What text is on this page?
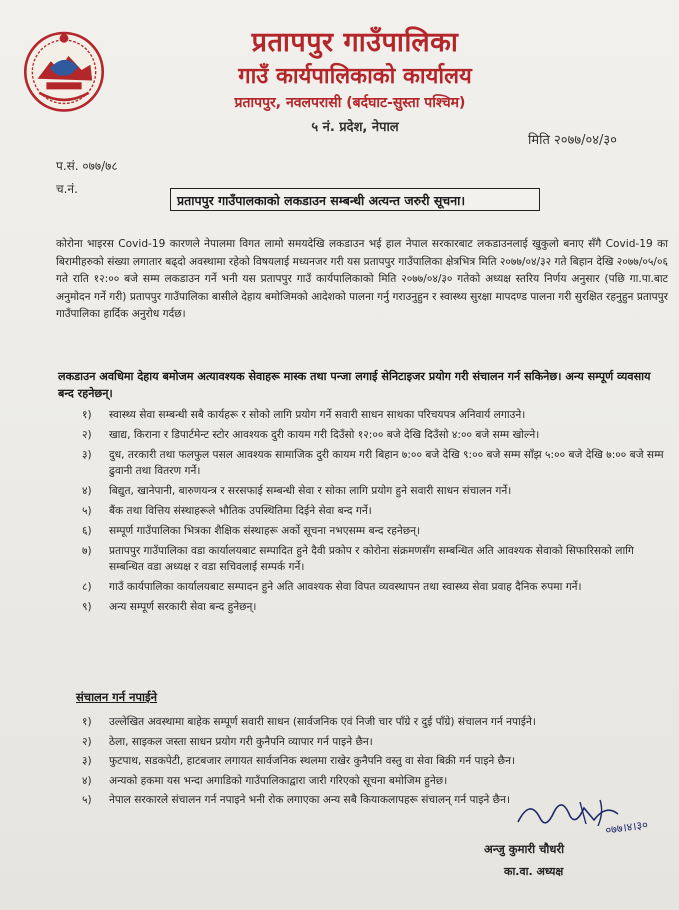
प्रतापपुर गाउँपालिका
गाउँ कार्यपालिकाको कार्यालय
प्रतापपुर, नवलपरासी (बर्दघाट-सुस्ता पश्चिम)
५ नं. प्रदेश, नेपाल
मिति २०७७/०४/३०
प.सं. ०७७/७८
च.नं.
प्रतापपुर गाउँपालकाको लकडाउन सम्बन्धी अत्यन्त जरुरी सूचना।

कोरोना भाइरस Covid-19 कारणले नेपालमा विगत लामो समयदेखि लकडाउन भई हाल नेपाल सरकारबाट लकडाउनलाई खुकुलो बनाए सँगै Covid-19 का बिरामीहरुको संख्या लगातार बढ्दो अवस्थामा रहेको विषयलाई मध्यनजर गरी यस प्रतापपुर गाउँपालिका क्षेत्रभित्र मिति २०७७/०४/३२ गते बिहान देखि २०७७/०५/०६ गते राति १२:०० बजे सम्म लकडाउन गर्ने भनी यस प्रतापपुर गाउँ कार्यपालिकाको मिति २०७७/०४/३० गतेको अध्यक्ष स्तरिय निर्णय अनुसार (पछि गा.पा.बाट अनुमोदन गर्ने गरी) प्रतापपुर गाउँपालिका बासीले देहाय बमोजिमको आदेशको पालना गर्नु गराउनुहुन र स्वास्थ्य सुरक्षा मापदण्ड पालना गरी सुरक्षित रहनुहुन प्रतापपुर गाउँपालिका हार्दिक अनुरोध गर्दछ।

लकडाउन अवधिमा देहाय बमोजम अत्यावश्यक सेवाहरू मास्क तथा पन्जा लगाई सेनिटाइजर प्रयोग गरी संचालन गर्न सकिनेछ। अन्य सम्पूर्ण व्यवसाय बन्द रहनेछन्।

१) स्वास्थ्य सेवा सम्बन्धी सबै कार्यहरू र सोको लागि प्रयोग गर्ने सवारी साधन साथका परिचयपत्र अनिवार्य लगाउने।
२) खाद्य, किराना र डिपार्टमेन्ट स्टोर आवश्यक दुरी कायम गरी दिउँसो १२:०० बजे देखि दिउँसो ४:०० बजे सम्म खोल्ने।
३) दुध, तरकारी तथा फलफुल पसल आवश्यक सामाजिक दुरी कायम गरी बिहान ७:०० बजे देखि ९:०० बजे सम्म साँझ ५:०० बजे देखि ७:०० बजे सम्म ढुवानी तथा वितरण गर्ने।
४) बिद्युत, खानेपानी, बारुणयन्त्र र सरसफाई सम्बन्धी सेवा र सोका लागि प्रयोग हुने सवारी साधन संचालन गर्ने।
५) बैंक तथा वित्तिय संस्थाहरूले भौतिक उपस्थितिमा दिईने सेवा बन्द गर्ने।
६) सम्पूर्ण गाउँपालिका भित्रका शैक्षिक संस्थाहरू अर्को सूचना नभएसम्म बन्द रहनेछन्।
७) प्रतापपुर गाउँपालिका वडा कार्यालयबाट सम्पादित हुने दैवी प्रकोप र कोरोना संक्रमणसँग सम्बन्धित अति आवश्यक सेवाको सिफारिसको लागि सम्बन्धित वडा अध्यक्ष र वडा सचिवलाई सम्पर्क गर्ने।
८) गाउँ कार्यपालिका कार्यालयबाट सम्पादन हुने अति आवश्यक सेवा विपत व्यवस्थापन तथा स्वास्थ्य सेवा प्रवाह दैनिक रुपमा गर्ने।
९) अन्य सम्पूर्ण सरकारी सेवा बन्द हुनेछन्।
संचालन गर्न नपाईने
१) उल्लेखित अवस्थामा बाहेक सम्पूर्ण सवारी साधन (सार्वजनिक एवं निजी चार पाँग्रे र दुई पाँग्रे) संचालन गर्न नपाईने।
२) ठेला, साइकल जस्ता साधन प्रयोग गरी कुनैपनि व्यापार गर्न पाइने छैन।
३) फुटपाथ, सडकपेटी, हाटबजार लगायत सार्वजनिक स्थलमा राखेर कुनैपनि वस्तु वा सेवा बिक्री गर्न पाइने छैन।
४) अन्यको हकमा यस भन्दा अगाडिको गाउँपालिकाद्वारा जारी गरिएको सूचना बमोजिम हुनेछ।
५) नेपाल सरकारले संचालन गर्न नपाइने भनी रोक लगाएका अन्य सबै कियाकलापहरू संचालन् गर्न पाइने छैन।
०७७।४।३०
अन्जु कुमारी चौधरी
का.वा. अध्यक्ष
